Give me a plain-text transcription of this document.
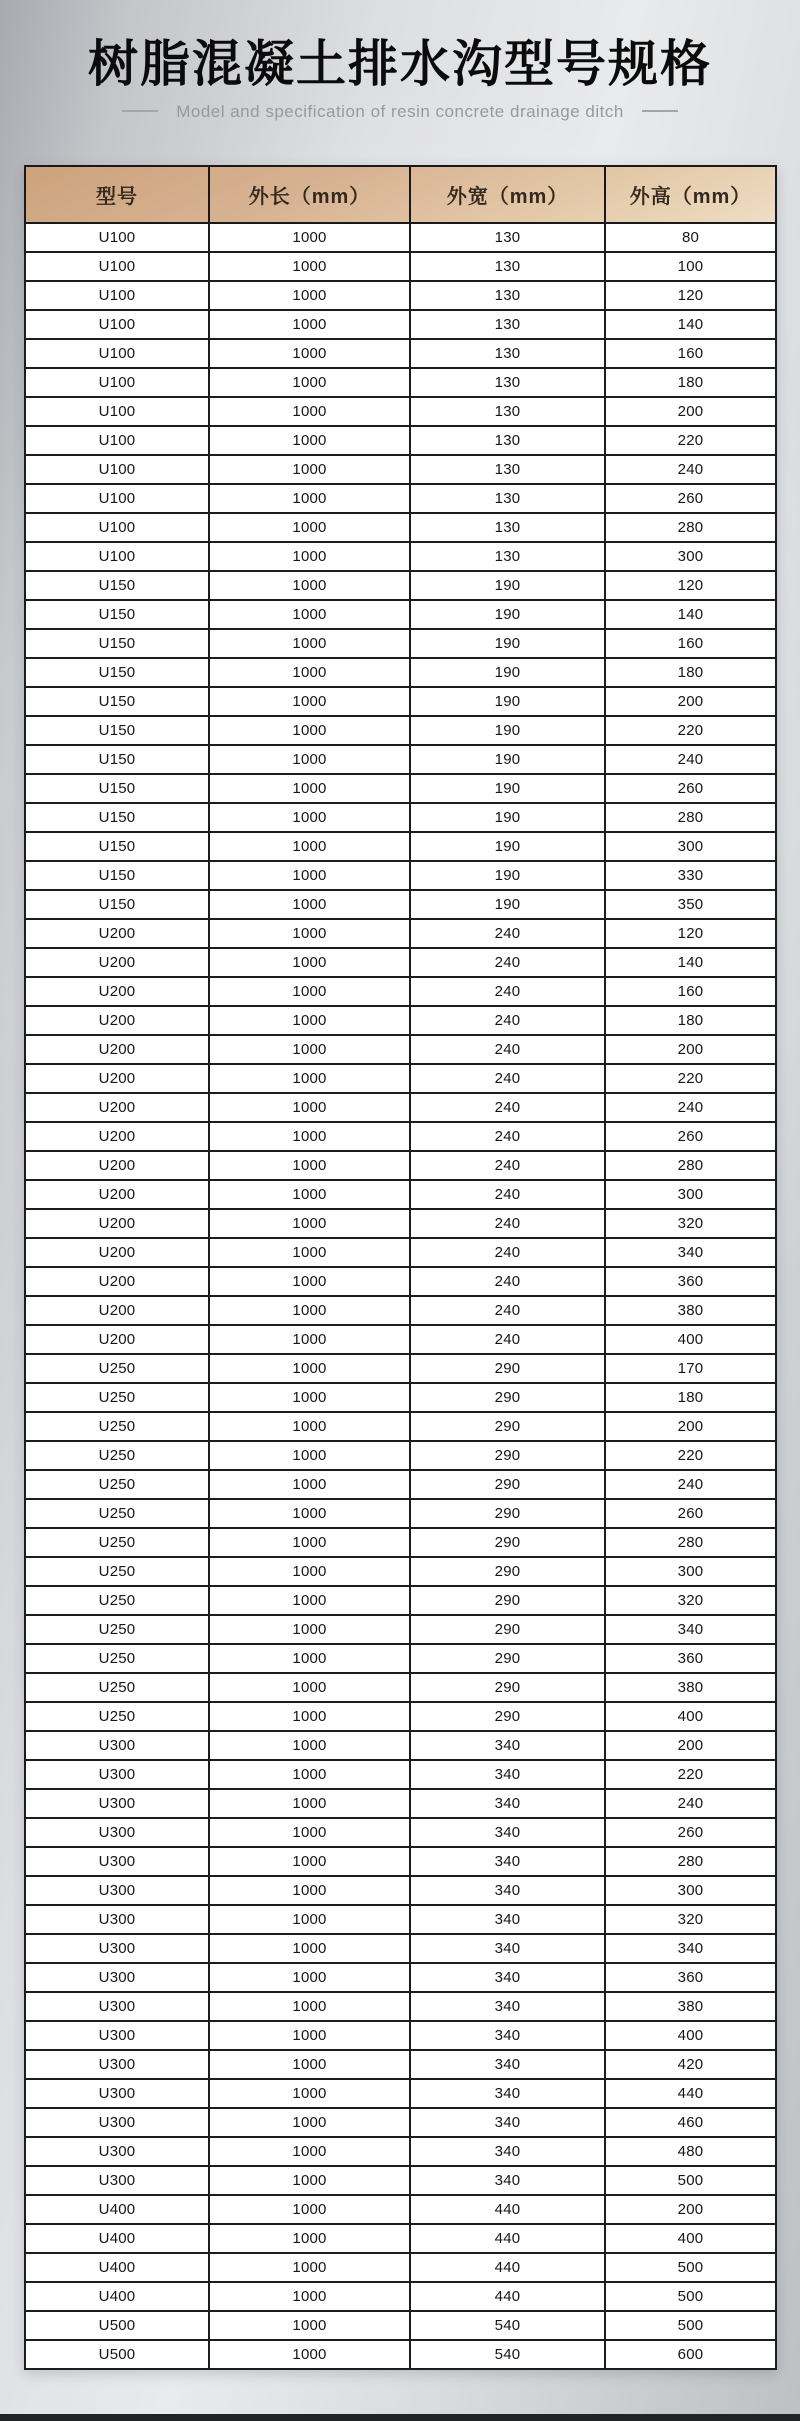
树脂混凝土排水沟型号规格
Model and specification of resin concrete drainage ditch
型号	外长（mm）	外宽（mm）	外高（mm）
U100	1000	130	80
U100	1000	130	100
U100	1000	130	120
U100	1000	130	140
U100	1000	130	160
U100	1000	130	180
U100	1000	130	200
U100	1000	130	220
U100	1000	130	240
U100	1000	130	260
U100	1000	130	280
U100	1000	130	300
U150	1000	190	120
U150	1000	190	140
U150	1000	190	160
U150	1000	190	180
U150	1000	190	200
U150	1000	190	220
U150	1000	190	240
U150	1000	190	260
U150	1000	190	280
U150	1000	190	300
U150	1000	190	330
U150	1000	190	350
U200	1000	240	120
U200	1000	240	140
U200	1000	240	160
U200	1000	240	180
U200	1000	240	200
U200	1000	240	220
U200	1000	240	240
U200	1000	240	260
U200	1000	240	280
U200	1000	240	300
U200	1000	240	320
U200	1000	240	340
U200	1000	240	360
U200	1000	240	380
U200	1000	240	400
U250	1000	290	170
U250	1000	290	180
U250	1000	290	200
U250	1000	290	220
U250	1000	290	240
U250	1000	290	260
U250	1000	290	280
U250	1000	290	300
U250	1000	290	320
U250	1000	290	340
U250	1000	290	360
U250	1000	290	380
U250	1000	290	400
U300	1000	340	200
U300	1000	340	220
U300	1000	340	240
U300	1000	340	260
U300	1000	340	280
U300	1000	340	300
U300	1000	340	320
U300	1000	340	340
U300	1000	340	360
U300	1000	340	380
U300	1000	340	400
U300	1000	340	420
U300	1000	340	440
U300	1000	340	460
U300	1000	340	480
U300	1000	340	500
U400	1000	440	200
U400	1000	440	400
U400	1000	440	500
U400	1000	440	500
U500	1000	540	500
U500	1000	540	600
